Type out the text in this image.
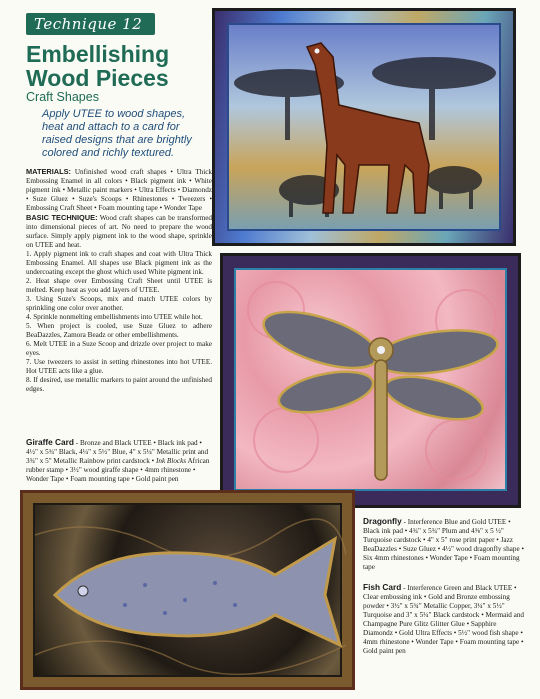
Technique 12
Embellishing Wood Pieces
Craft Shapes
Apply UTEE to wood shapes, heat and attach to a card for raised designs that are brightly colored and richly textured.

MATERIALS: Unfinished wood craft shapes • Ultra Thick Embossing Enamel in all colors • Black pigment ink • White pigment ink • Metallic paint markers • Ultra Effects • Diamondz • Suze Gluez • Suze's Scoops • Rhinestones • Tweezers • Embossing Craft Sheet • Foam mounting tape • Wonder Tape

BASIC TECHNIQUE: Wood craft shapes can be transformed into dimensional pieces of art. No need to prepare the wood surface. Simply apply pigment ink to the wood shape, sprinkle on UTEE and heat.

1. Apply pigment ink to craft shapes and coat with Ultra Thick Embossing Enamel. All shapes use Black pigment ink as the undercoating except the ghost which used White pigment ink.

2. Heat shape over Embossing Craft Sheet until UTEE is melted. Keep heat as you add layers of UTEE.

3. Using Suze's Scoops, mix and match UTEE colors by sprinkling one color over another.

4. Sprinkle nonmelting embellishments into UTEE while hot.

5. When project is cooled, use Suze Gluez to adhere BeaDazzles, Zamora Beadz or other embellishments.

6. Melt UTEE in a Suze Scoop and drizzle over project to make eyes.

7. Use tweezers to assist in setting rhinestones into hot UTEE. Hot UTEE acts like a glue.

8. If desired, use metallic markers to paint around the unfinished edges.

Giraffe Card - Bronze and Black UTEE • Black ink pad • 4½" x 5¾" Black, 4¼" x 5½" Blue, 4" x 5¼" Metallic print and 3¾" x 5" Metallic Rainbow print cardstock • Ink Blocks African rubber stamp • 3½" wood giraffe shape • 4mm rhinestone • Wonder Tape • Foam mounting tape • Gold paint pen
Dragonfly - Interference Blue and Gold UTEE • Black ink pad • 4¾" x 5¾" Plum and 4⅜" x 5 ½" Turquoise cardstock • 4" x 5" rose print paper • Jazz BeaDazzles • Suze Gluez • 4½" wood dragonfly shape • Six 4mm rhinestones • Wonder Tape • Foam mounting tape
Fish Card - Interference Green and Black UTEE • Clear embossing ink • Gold and Bronze embossing powder • 3½" x 5¾" Metallic Copper, 3¼" x 5½" Turquoise and 3" x 5¼" Black cardstock • Mermaid and Champagne Pure Glitz Glitter Glue • Sapphire Diamondz • Gold Ultra Effects • 5½" wood fish shape • 4mm rhinestone • Wonder Tape • Foam mounting tape • Gold paint pen
